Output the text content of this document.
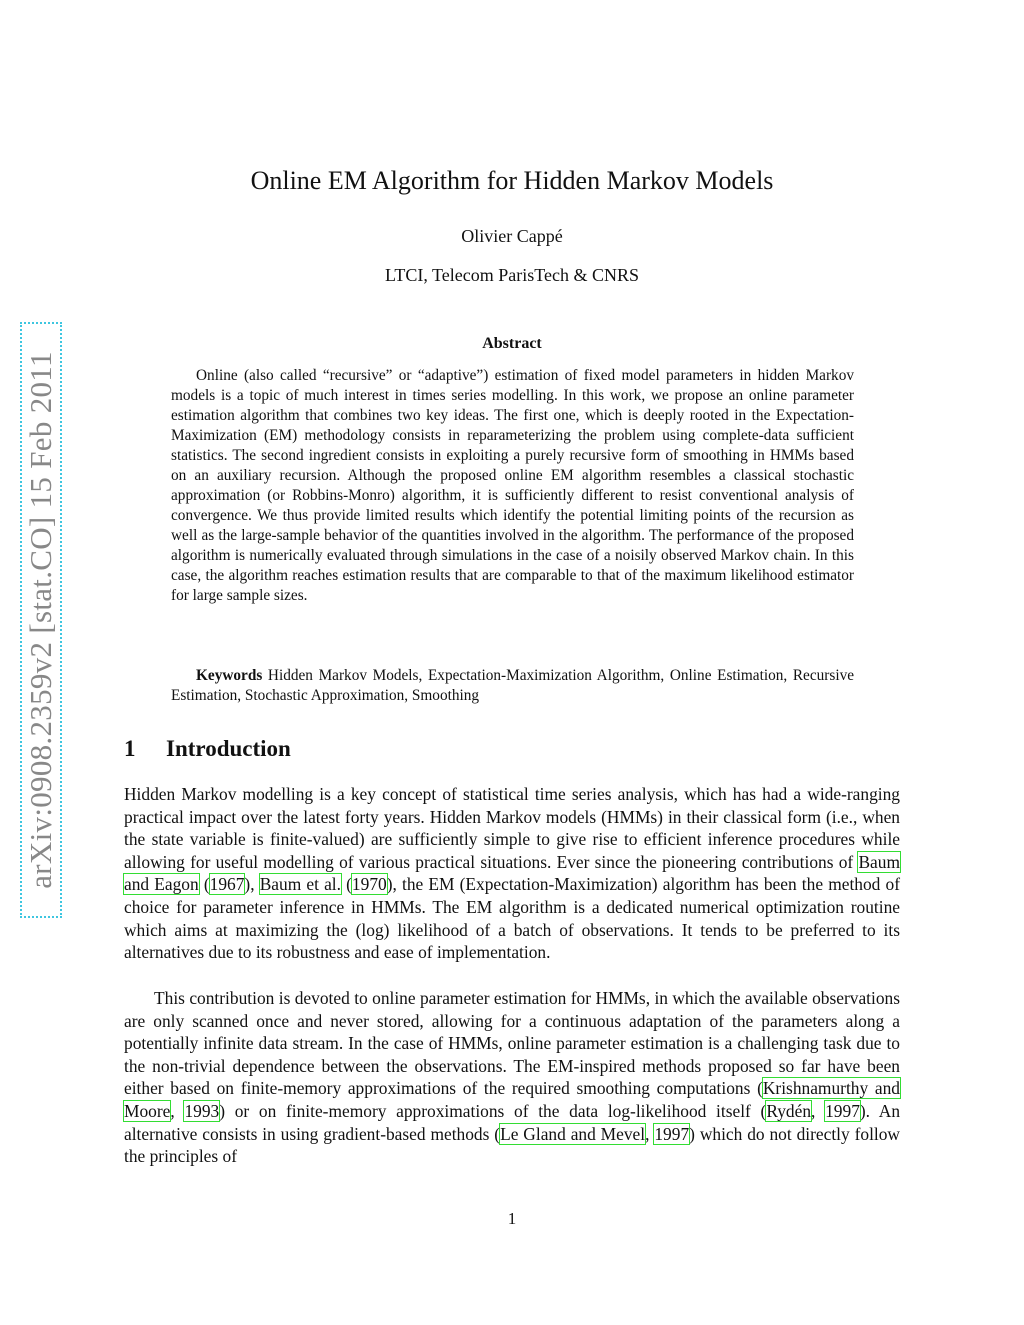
arXiv:0908.2359v2 [stat.CO] 15 Feb 2011
Online EM Algorithm for Hidden Markov Models
Olivier Cappé
LTCI, Telecom ParisTech & CNRS
Abstract

Online (also called “recursive” or “adaptive”) estimation of fixed model parameters in hidden Markov models is a topic of much interest in times series modelling. In this work, we propose an online parameter estimation algorithm that combines two key ideas. The first one, which is deeply rooted in the Expectation-Maximization (EM) methodology consists in reparameterizing the problem using complete-data sufficient statistics. The second ingredient consists in exploiting a purely recursive form of smoothing in HMMs based on an auxiliary recursion. Although the proposed online EM algorithm resembles a classical stochastic approximation (or Robbins-Monro) algorithm, it is sufficiently different to resist conventional analysis of convergence. We thus provide limited results which identify the potential limiting points of the recursion as well as the large-sample behavior of the quantities involved in the algorithm. The performance of the proposed algorithm is numerically evaluated through simulations in the case of a noisily observed Markov chain. In this case, the algorithm reaches estimation results that are comparable to that of the maximum likelihood estimator for large sample sizes.

Keywords Hidden Markov Models, Expectation-Maximization Algorithm, Online Estimation, Recursive Estimation, Stochastic Approximation, Smoothing

1 Introduction

Hidden Markov modelling is a key concept of statistical time series analysis, which has had a wide-ranging practical impact over the latest forty years. Hidden Markov models (HMMs) in their classical form (i.e., when the state variable is finite-valued) are sufficiently simple to give rise to efficient inference procedures while allowing for useful modelling of various practical situations. Ever since the pioneering contributions of Baum and Eagon (1967), Baum et al. (1970), the EM (Expectation-Maximization) algorithm has been the method of choice for parameter inference in HMMs. The EM algorithm is a dedicated numerical optimization routine which aims at maximizing the (log) likelihood of a batch of observations. It tends to be preferred to its alternatives due to its robustness and ease of implementation.

This contribution is devoted to online parameter estimation for HMMs, in which the available observations are only scanned once and never stored, allowing for a continuous adaptation of the parameters along a potentially infinite data stream. In the case of HMMs, online parameter estimation is a challenging task due to the non-trivial dependence between the observations. The EM-inspired methods proposed so far have been either based on finite-memory approximations of the required smoothing computations (Krishnamurthy and Moore, 1993) or on finite-memory approximations of the data log-likelihood itself (Rydén, 1997). An alternative consists in using gradient-based methods (Le Gland and Mevel, 1997) which do not directly follow the principles of

1
